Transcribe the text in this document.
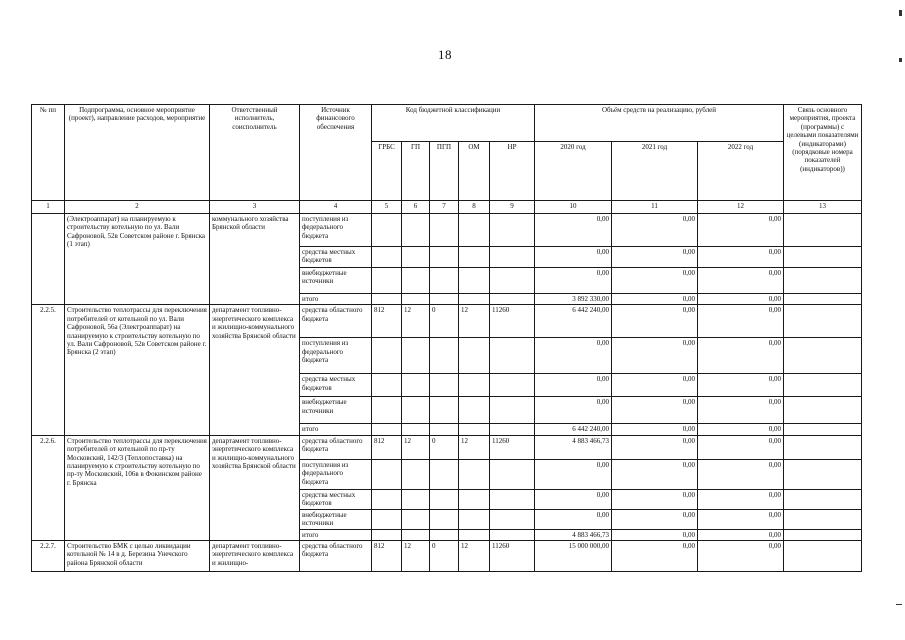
18
№ пп	Подпрограмма, основное мероприятие (проект), направление расходов, мероприятие	Ответственный исполнитель, соисполнитель	Источник финансового обеспечения	Код бюджетной классификации					Объём средств на реализацию, рублей			Связь основного мероприятия, проекта (программы) с целевыми показателями (индикаторами) (порядковые номера показателей (индикаторов))
				ГРБС	ГП	ПГП	ОМ	НР	2020 год	2021 год	2022 год	
1	2	3	4	5	6	7	8	9	10	11	12	13
	(Электроаппарат) на планируемую к строительству котельную по ул. Вали Сафроновой, 52в Советском районе г. Брянска (1 этап)	коммунального хозяйства Брянской области	поступления из федерального бюджета						0,00	0,00	0,00	
			средства местных бюджетов						0,00	0,00	0,00	
			внебюджетные источники						0,00	0,00	0,00	
			итого						3 892 330,00	0,00	0,00	
2.2.5.	Строительство теплотрассы для переключения потребителей от котельной по ул. Вали Сафроновой, 56а (Электроаппарат) на планируемую к строительству котельную по ул. Вали Сафроновой, 52в Советском районе г. Брянска (2 этап)	департамент топливно-энергетического комплекса и жилищно-коммунального хозяйства Брянской области	средства областного бюджета	812	12	0	12	11260	6 442 240,00	0,00	0,00	
			поступления из федерального бюджета						0,00	0,00	0,00	
			средства местных бюджетов						0,00	0,00	0,00	
			внебюджетные источники						0,00	0,00	0,00	
			итого						6 442 240,00	0,00	0,00	
2.2.6.	Строительство теплотрассы для переключения потребителей от котельной по пр-ту Московский, 142/3 (Теплопоставка) на планируемую к строительству котельную по пр-ту Московский, 106в в Фокинском районе г. Брянска	департамент топливно-энергетического комплекса и жилищно-коммунального хозяйства Брянской области	средства областного бюджета	812	12	0	12	11260	4 883 466,73	0,00	0,00	
			поступления из федерального бюджета						0,00	0,00	0,00	
			средства местных бюджетов						0,00	0,00	0,00	
			внебюджетные источники						0,00	0,00	0,00	
			итого						4 883 466,73	0,00	0,00	
2.2.7.	Строительство БМК с целью ликвидации котельной № 14 в д. Березина Унечского района Брянской области	департамент топливно-энергетического комплекса и жилищно-	средства областного бюджета	812	12	0	12	11260	15 000 000,00	0,00	0,00	
